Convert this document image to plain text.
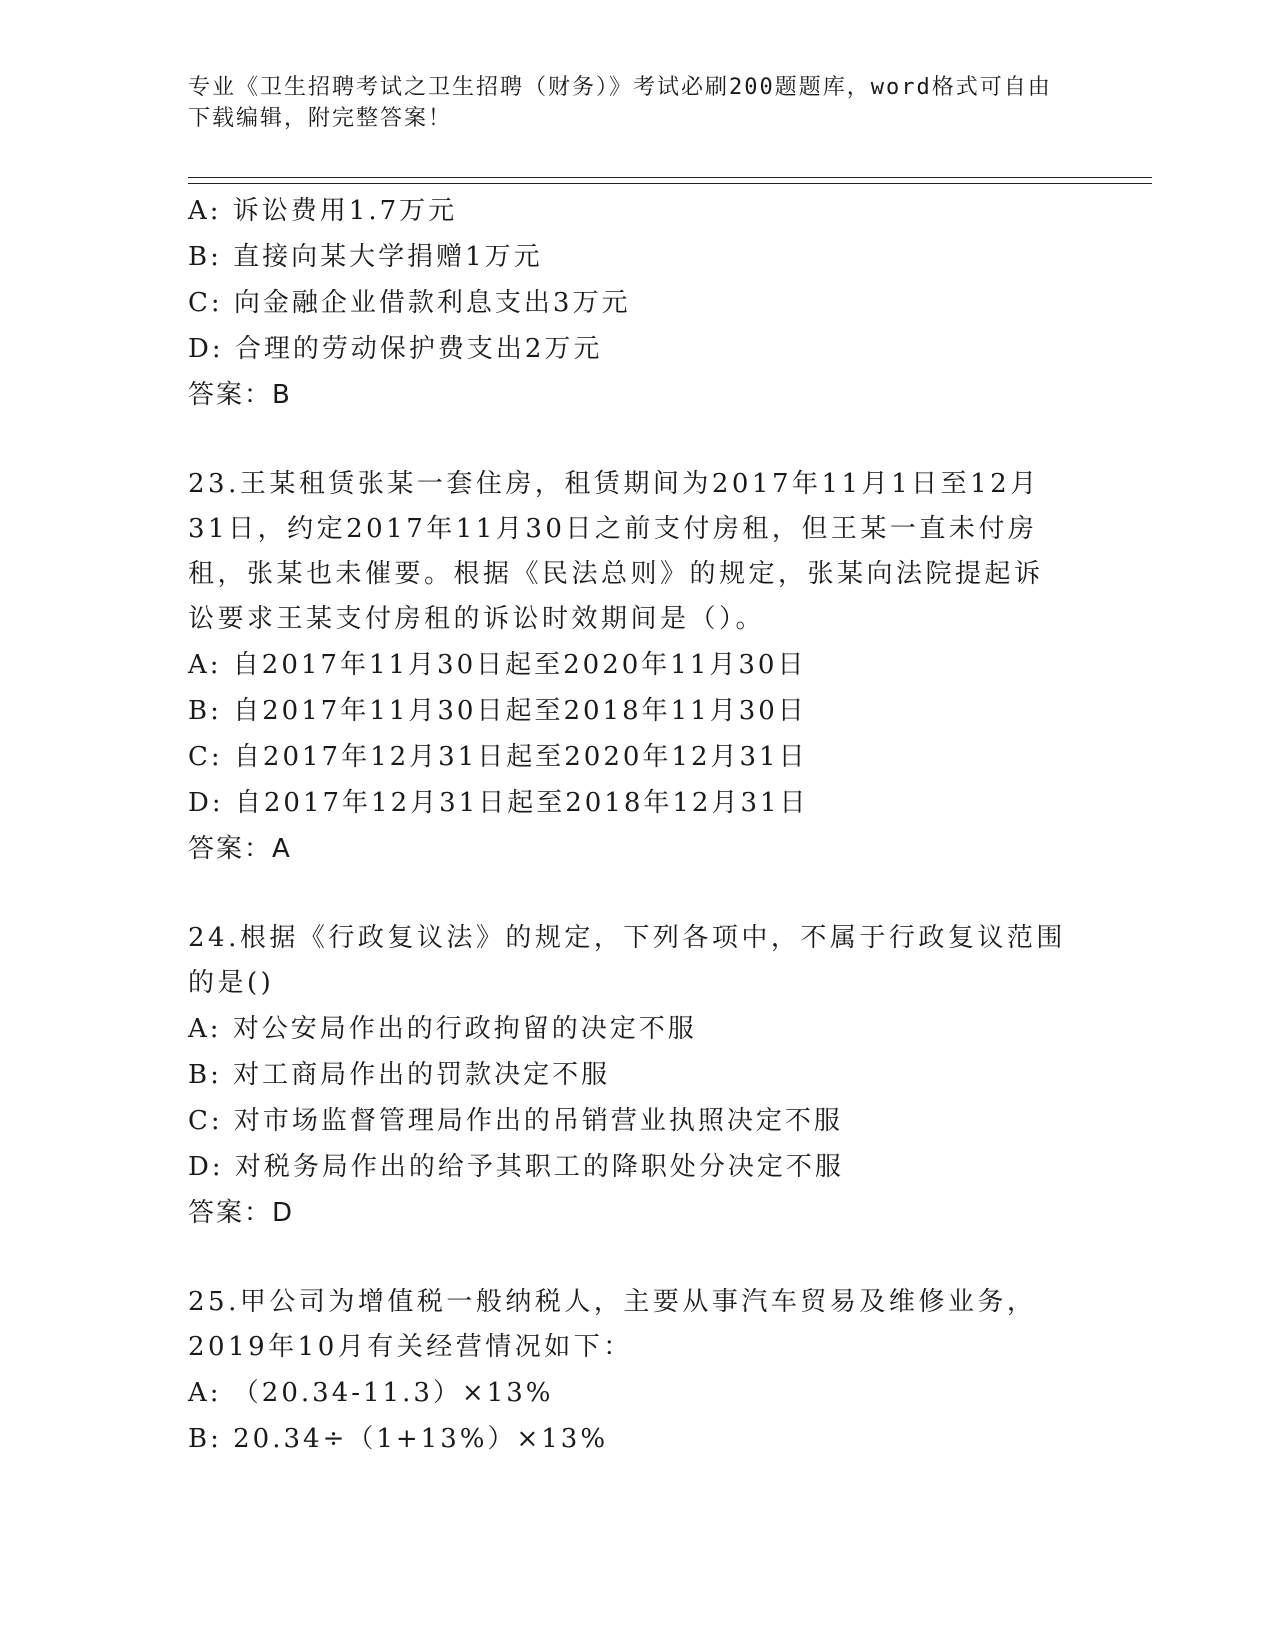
专业《卫生招聘考试之卫生招聘（财务）》考试必刷200题题库，word格式可自由下载编辑，附完整答案！
A: 诉讼费用1.7万元
B: 直接向某大学捐赠1万元
C: 向金融企业借款利息支出3万元
D: 合理的劳动保护费支出2万元
答案：B
23.王某租赁张某一套住房，租赁期间为2017年11月1日至12月31日，约定2017年11月30日之前支付房租，但王某一直未付房租，张某也未催要。根据《民法总则》的规定，张某向法院提起诉讼要求王某支付房租的诉讼时效期间是（）。
A: 自2017年11月30日起至2020年11月30日
B: 自2017年11月30日起至2018年11月30日
C: 自2017年12月31日起至2020年12月31日
D: 自2017年12月31日起至2018年12月31日
答案：A
24.根据《行政复议法》的规定，下列各项中，不属于行政复议范围的是()
A: 对公安局作出的行政拘留的决定不服
B: 对工商局作出的罚款决定不服
C: 对市场监督管理局作出的吊销营业执照决定不服
D: 对税务局作出的给予其职工的降职处分决定不服
答案：D
25.甲公司为增值税一般纳税人，主要从事汽车贸易及维修业务，2019年10月有关经营情况如下：
A: （20.34-11.3）×13%
B: 20.34÷（1+13%）×13%
